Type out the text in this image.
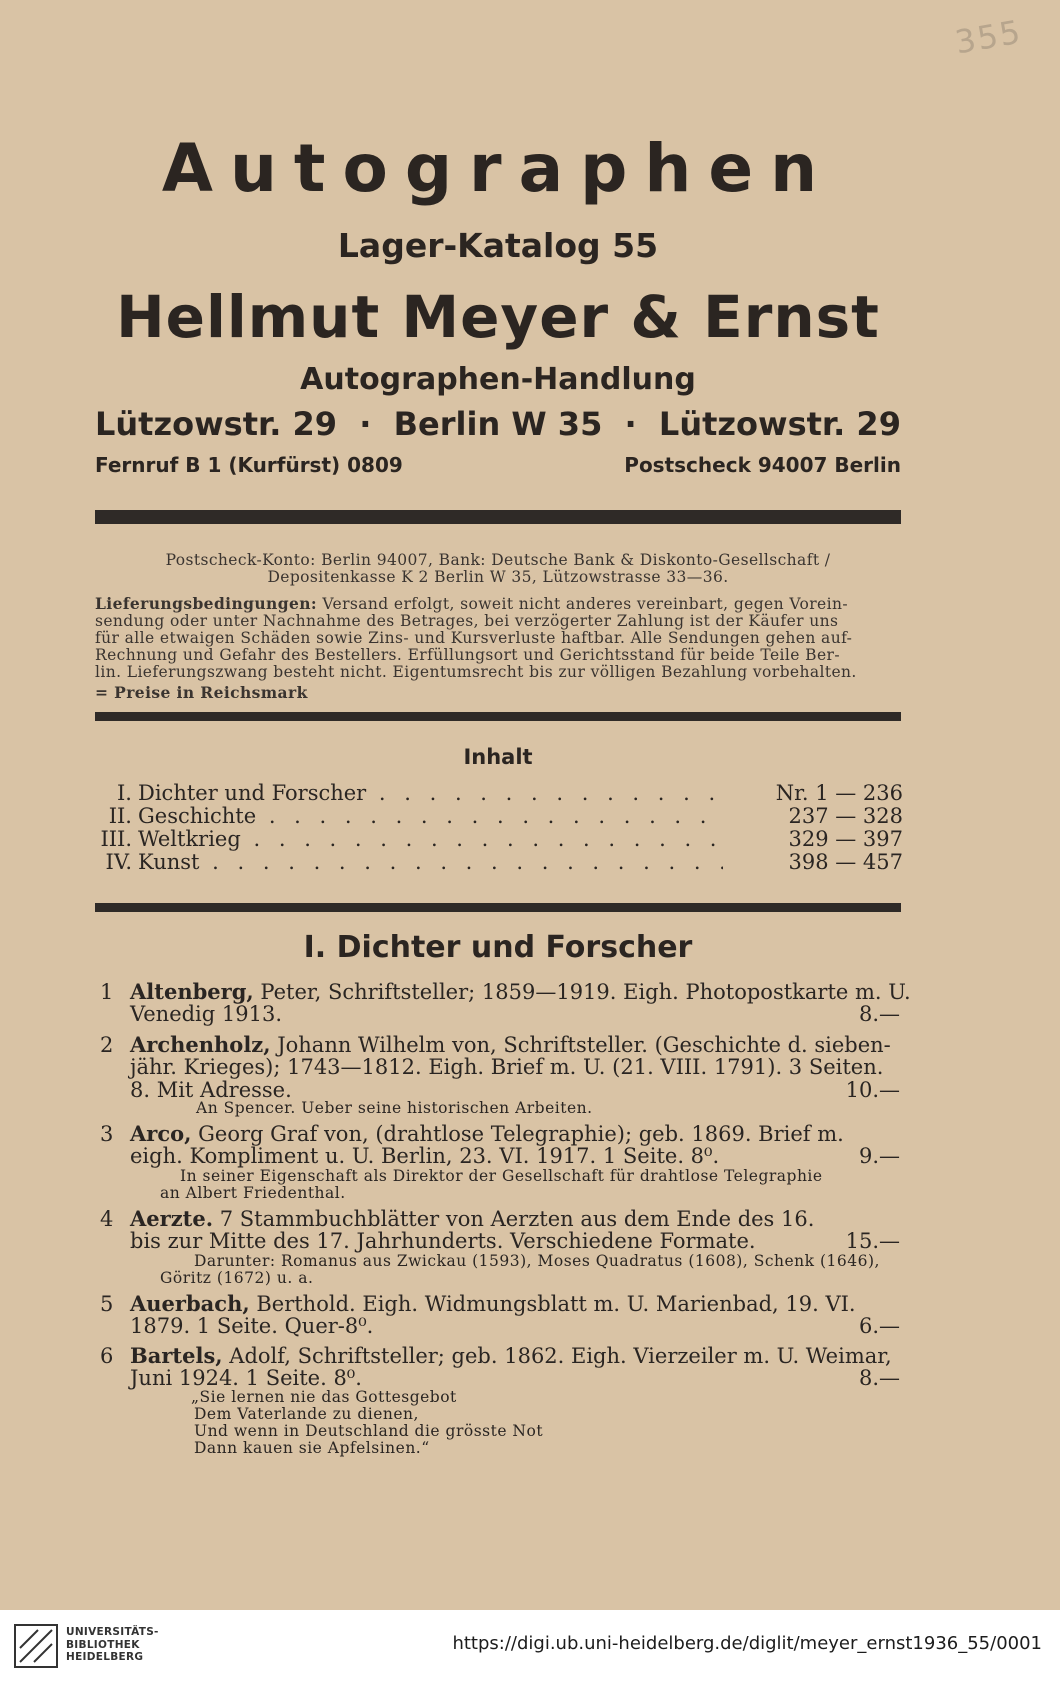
355
Autographen
Lager-Katalog 55
Hellmut Meyer & Ernst
Autographen-Handlung
Lützowstr. 29 · Berlin W 35 · Lützowstr. 29
Fernruf B 1 (Kurfürst) 0809	Postscheck 94007 Berlin
Postscheck-Konto: Berlin 94007, Bank: Deutsche Bank & Diskonto-Gesellschaft /
Depositenkasse K 2 Berlin W 35, Lützowstrasse 33—36.
Lieferungsbedingungen: Versand erfolgt, soweit nicht anderes vereinbart, gegen Vorein-
sendung oder unter Nachnahme des Betrages, bei verzögerter Zahlung ist der Käufer uns
für alle etwaigen Schäden sowie Zins- und Kursverluste haftbar. Alle Sendungen gehen auf-
Rechnung und Gefahr des Bestellers. Erfüllungsort und Gerichtsstand für beide Teile Ber-
lin. Lieferungszwang besteht nicht. Eigentumsrecht bis zur völligen Bezahlung vorbehalten.
= Preise in Reichsmark
Inhalt
I. Dichter und Forscher . . .	Nr. 1 — 236
II. Geschichte . . .	237 — 328
III. Weltkrieg . . .	329 — 397
IV. Kunst . . .	398 — 457
I. Dichter und Forscher
1 Altenberg, Peter, Schriftsteller; 1859—1919. Eigh. Photopostkarte m. U.
Venedig 1913.	8.—
2 Archenholz, Johann Wilhelm von, Schriftsteller. (Geschichte d. sieben-
jähr. Krieges); 1743—1812. Eigh. Brief m. U. (21. VIII. 1791). 3 Seiten.
8. Mit Adresse.	10.—
An Spencer. Ueber seine historischen Arbeiten.
3 Arco, Georg Graf von, (drahtlose Telegraphie); geb. 1869. Brief m.
eigh. Kompliment u. U. Berlin, 23. VI. 1917. 1 Seite. 8⁰.	9.—
In seiner Eigenschaft als Direktor der Gesellschaft für drahtlose Telegraphie
an Albert Friedenthal.
4 Aerzte. 7 Stammbuchblätter von Aerzten aus dem Ende des 16.
bis zur Mitte des 17. Jahrhunderts. Verschiedene Formate.	15.—
Darunter: Romanus aus Zwickau (1593), Moses Quadratus (1608), Schenk (1646),
Göritz (1672) u. a.
5 Auerbach, Berthold. Eigh. Widmungsblatt m. U. Marienbad, 19. VI.
1879. 1 Seite. Quer-8⁰.	6.—
6 Bartels, Adolf, Schriftsteller; geb. 1862. Eigh. Vierzeiler m. U. Weimar,
Juni 1924. 1 Seite. 8⁰.	8.—
„Sie lernen nie das Gottesgebot
Dem Vaterlande zu dienen,
Und wenn in Deutschland die grösste Not
Dann kauen sie Apfelsinen.“
UNIVERSITÄTS-
BIBLIOTHEK
HEIDELBERG
https://digi.ub.uni-heidelberg.de/diglit/meyer_ernst1936_55/0001
